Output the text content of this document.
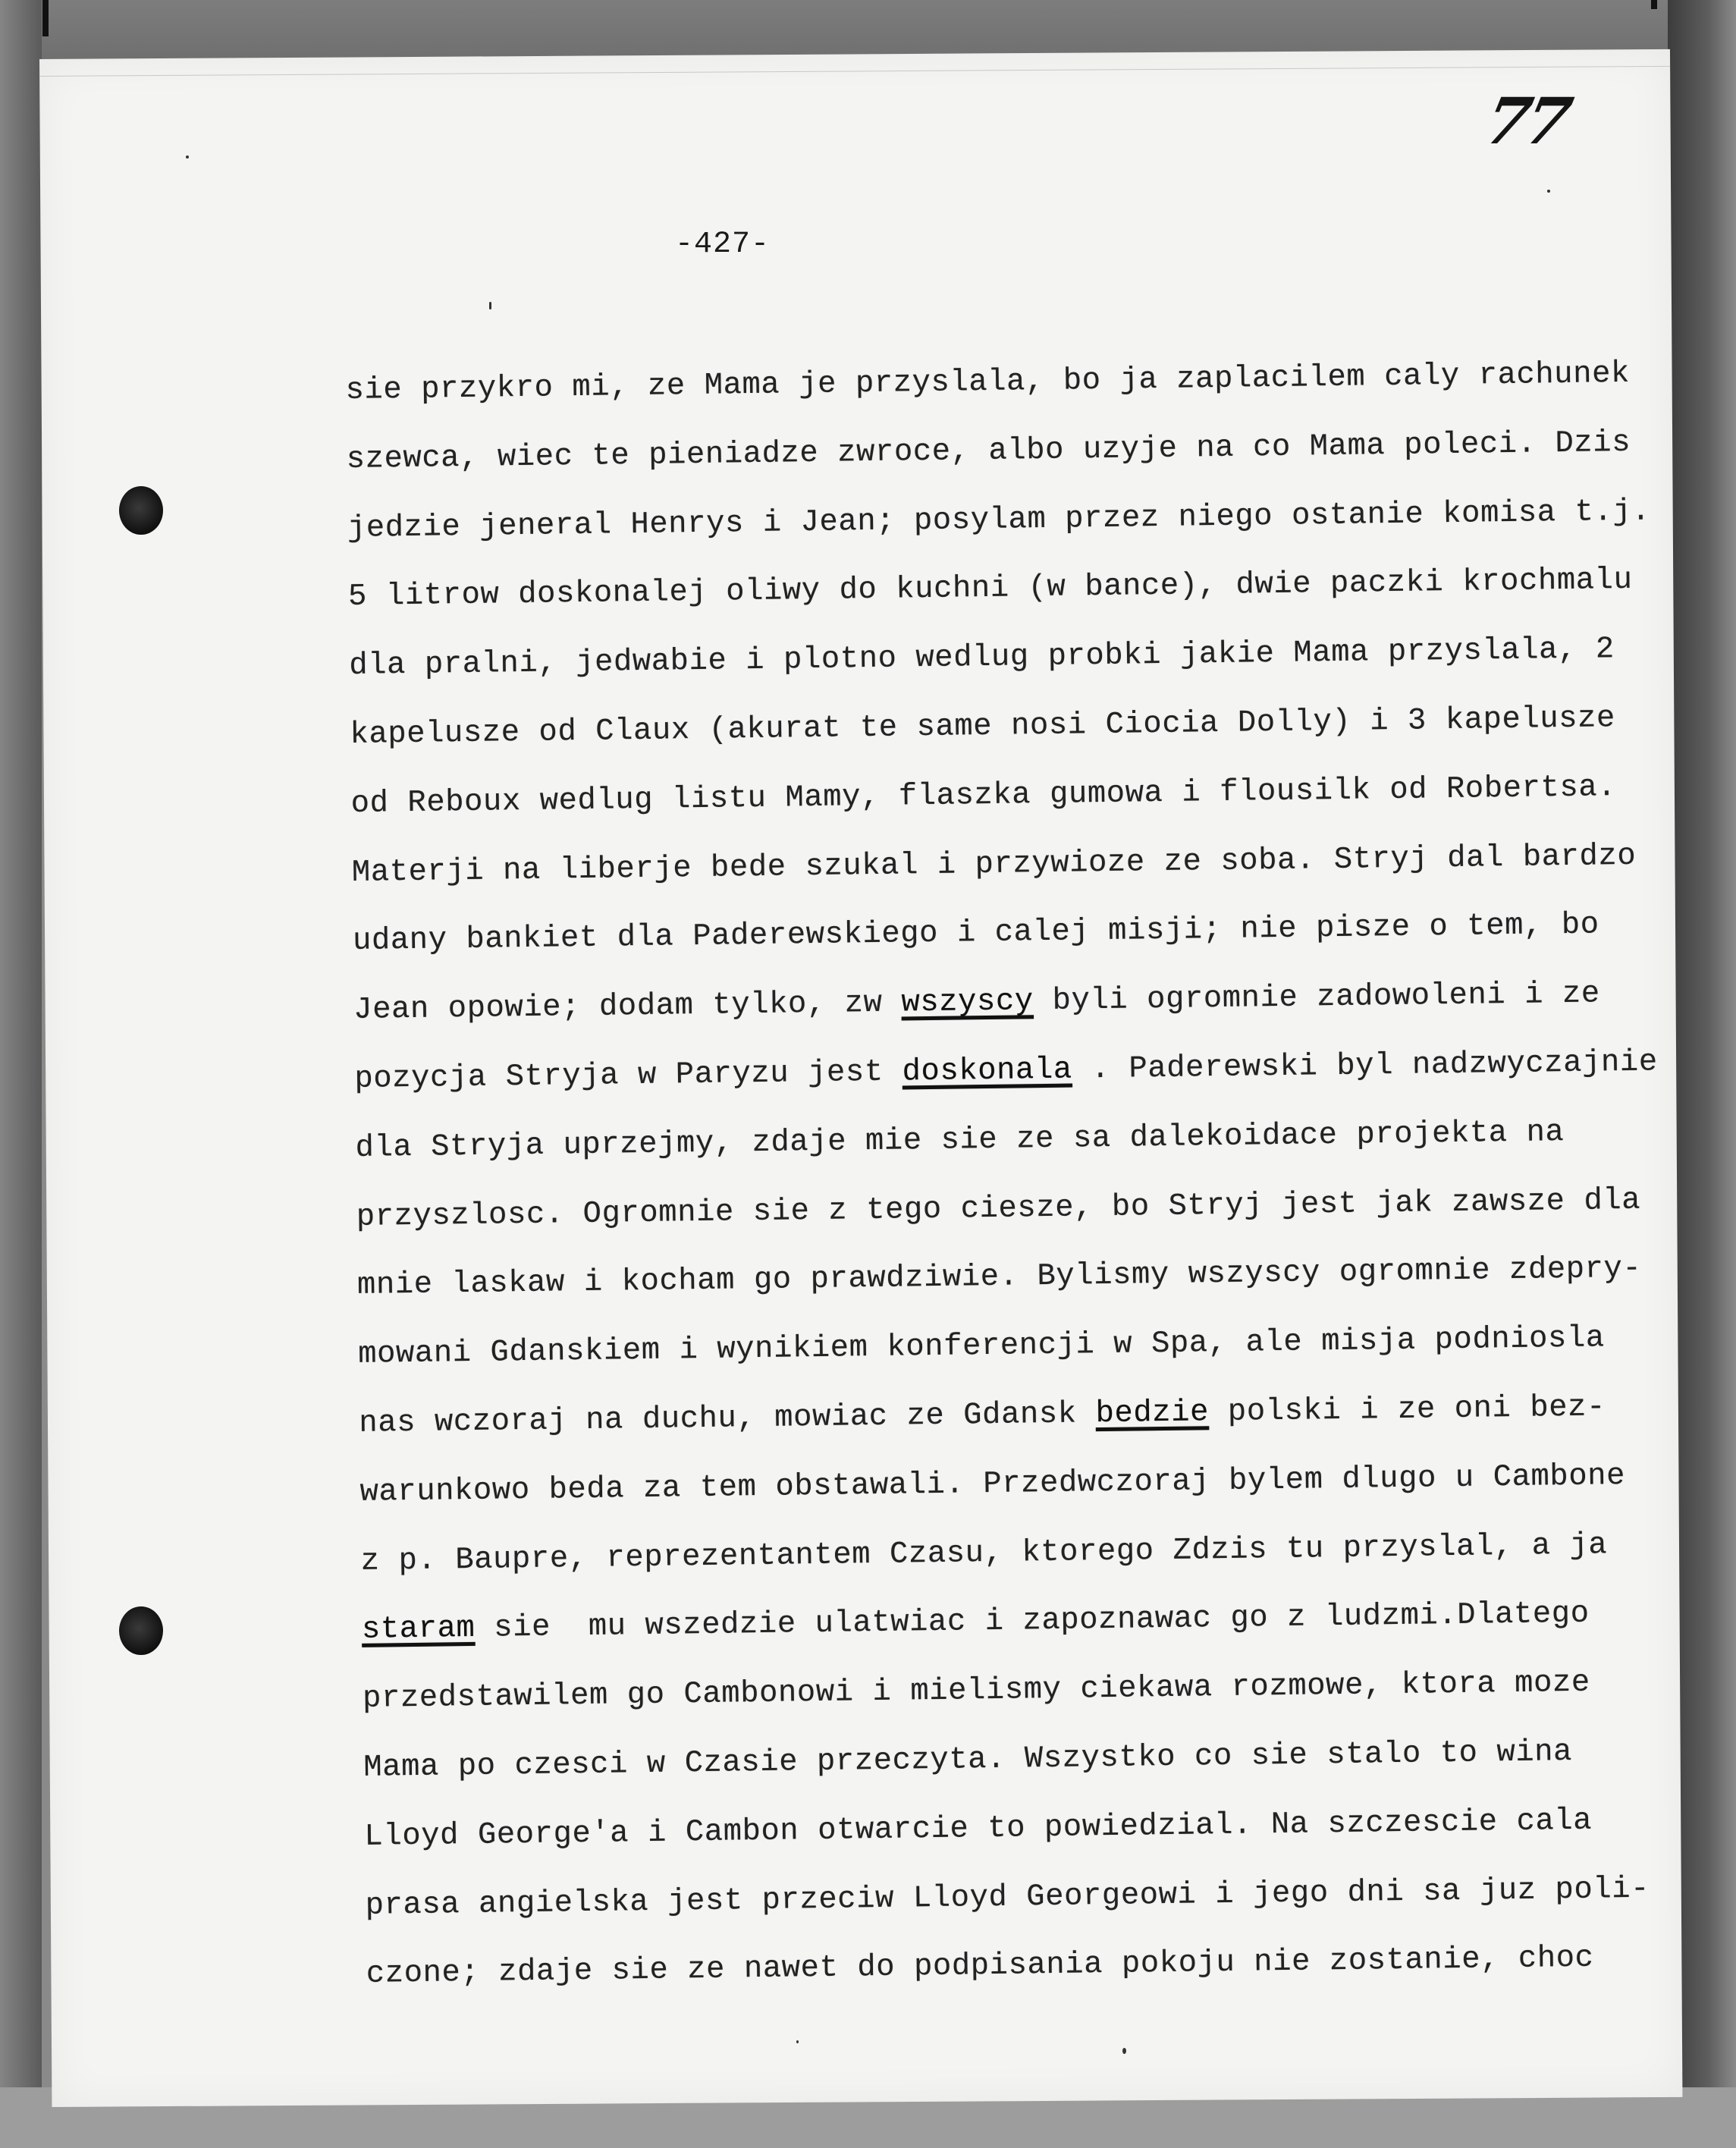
77
-427-
sie przykro mi, ze Mama je przyslala, bo ja zaplacilem caly rachunek
szewca, wiec te pieniadze zwroce, albo uzyje na co Mama poleci. Dzis
jedzie jeneral Henrys i Jean; posylam przez niego ostanie komisa t.j.
5 litrow doskonalej oliwy do kuchni (w bance), dwie paczki krochmalu
dla pralni, jedwabie i plotno wedlug probki jakie Mama przyslala, 2
kapelusze od Claux (akurat te same nosi Ciocia Dolly) i 3 kapelusze
od Reboux wedlug listu Mamy, flaszka gumowa i flousilk od Robertsa.
Materji na liberje bede szukal i przywioze ze soba. Stryj dal bardzo
udany bankiet dla Paderewskiego i calej misji; nie pisze o tem, bo
Jean opowie; dodam tylko, zw wszyscy byli ogromnie zadowoleni i ze
pozycja Stryja w Paryzu jest doskonala . Paderewski byl nadzwyczajnie
dla Stryja uprzejmy, zdaje mie sie ze sa dalekoidace projekta na
przyszlosc. Ogromnie sie z tego ciesze, bo Stryj jest jak zawsze dla
mnie laskaw i kocham go prawdziwie. Bylismy wszyscy ogromnie zdepry-
mowani Gdanskiem i wynikiem konferencji w Spa, ale misja podniosla
nas wczoraj na duchu, mowiac ze Gdansk bedzie polski i ze oni bez-
warunkowo beda za tem obstawali. Przedwczoraj bylem dlugo u Cambone
z p. Baupre, reprezentantem Czasu, ktorego Zdzis tu przyslal, a ja
staram sie  mu wszedzie ulatwiac i zapoznawac go z ludzmi.Dlatego
przedstawilem go Cambonowi i mielismy ciekawa rozmowe, ktora moze
Mama po czesci w Czasie przeczyta. Wszystko co sie stalo to wina
Lloyd George'a i Cambon otwarcie to powiedzial. Na szczescie cala
prasa angielska jest przeciw Lloyd Georgeowi i jego dni sa juz poli-
czone; zdaje sie ze nawet do podpisania pokoju nie zostanie, choc
